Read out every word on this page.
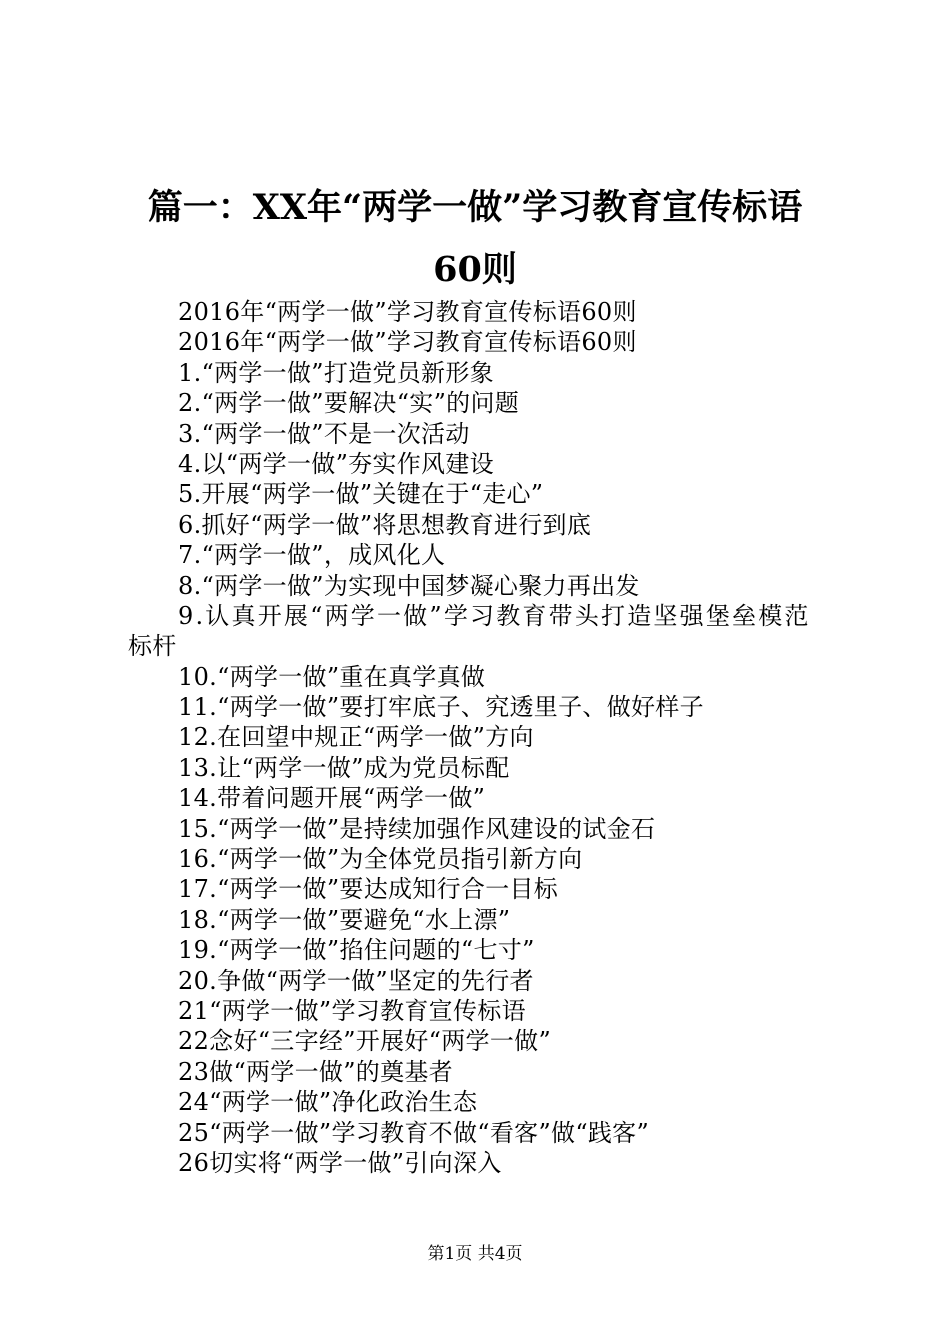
篇一：XX年“两学一做”学习教育宣传标语
60则
2016年“两学一做”学习教育宣传标语60则
2016年“两学一做”学习教育宣传标语60则
1.“两学一做”打造党员新形象
2.“两学一做”要解决“实”的问题
3.“两学一做”不是一次活动
4.以“两学一做”夯实作风建设
5.开展“两学一做”关键在于“走心”
6.抓好“两学一做”将思想教育进行到底
7.“两学一做”，成风化人
8.“两学一做”为实现中国梦凝心聚力再出发
9.认真开展“两学一做”学习教育带头打造坚强堡垒模范
标杆
10.“两学一做”重在真学真做
11.“两学一做”要打牢底子、究透里子、做好样子
12.在回望中规正“两学一做”方向
13.让“两学一做”成为党员标配
14.带着问题开展“两学一做”
15.“两学一做”是持续加强作风建设的试金石
16.“两学一做”为全体党员指引新方向
17.“两学一做”要达成知行合一目标
18.“两学一做”要避免“水上漂”
19.“两学一做”掐住问题的“七寸”
20.争做“两学一做”坚定的先行者
21“两学一做”学习教育宣传标语
22念好“三字经”开展好“两学一做”
23做“两学一做”的奠基者
24“两学一做”净化政治生态
25“两学一做”学习教育不做“看客”做“践客”
26切实将“两学一做”引向深入
第1页 共4页
